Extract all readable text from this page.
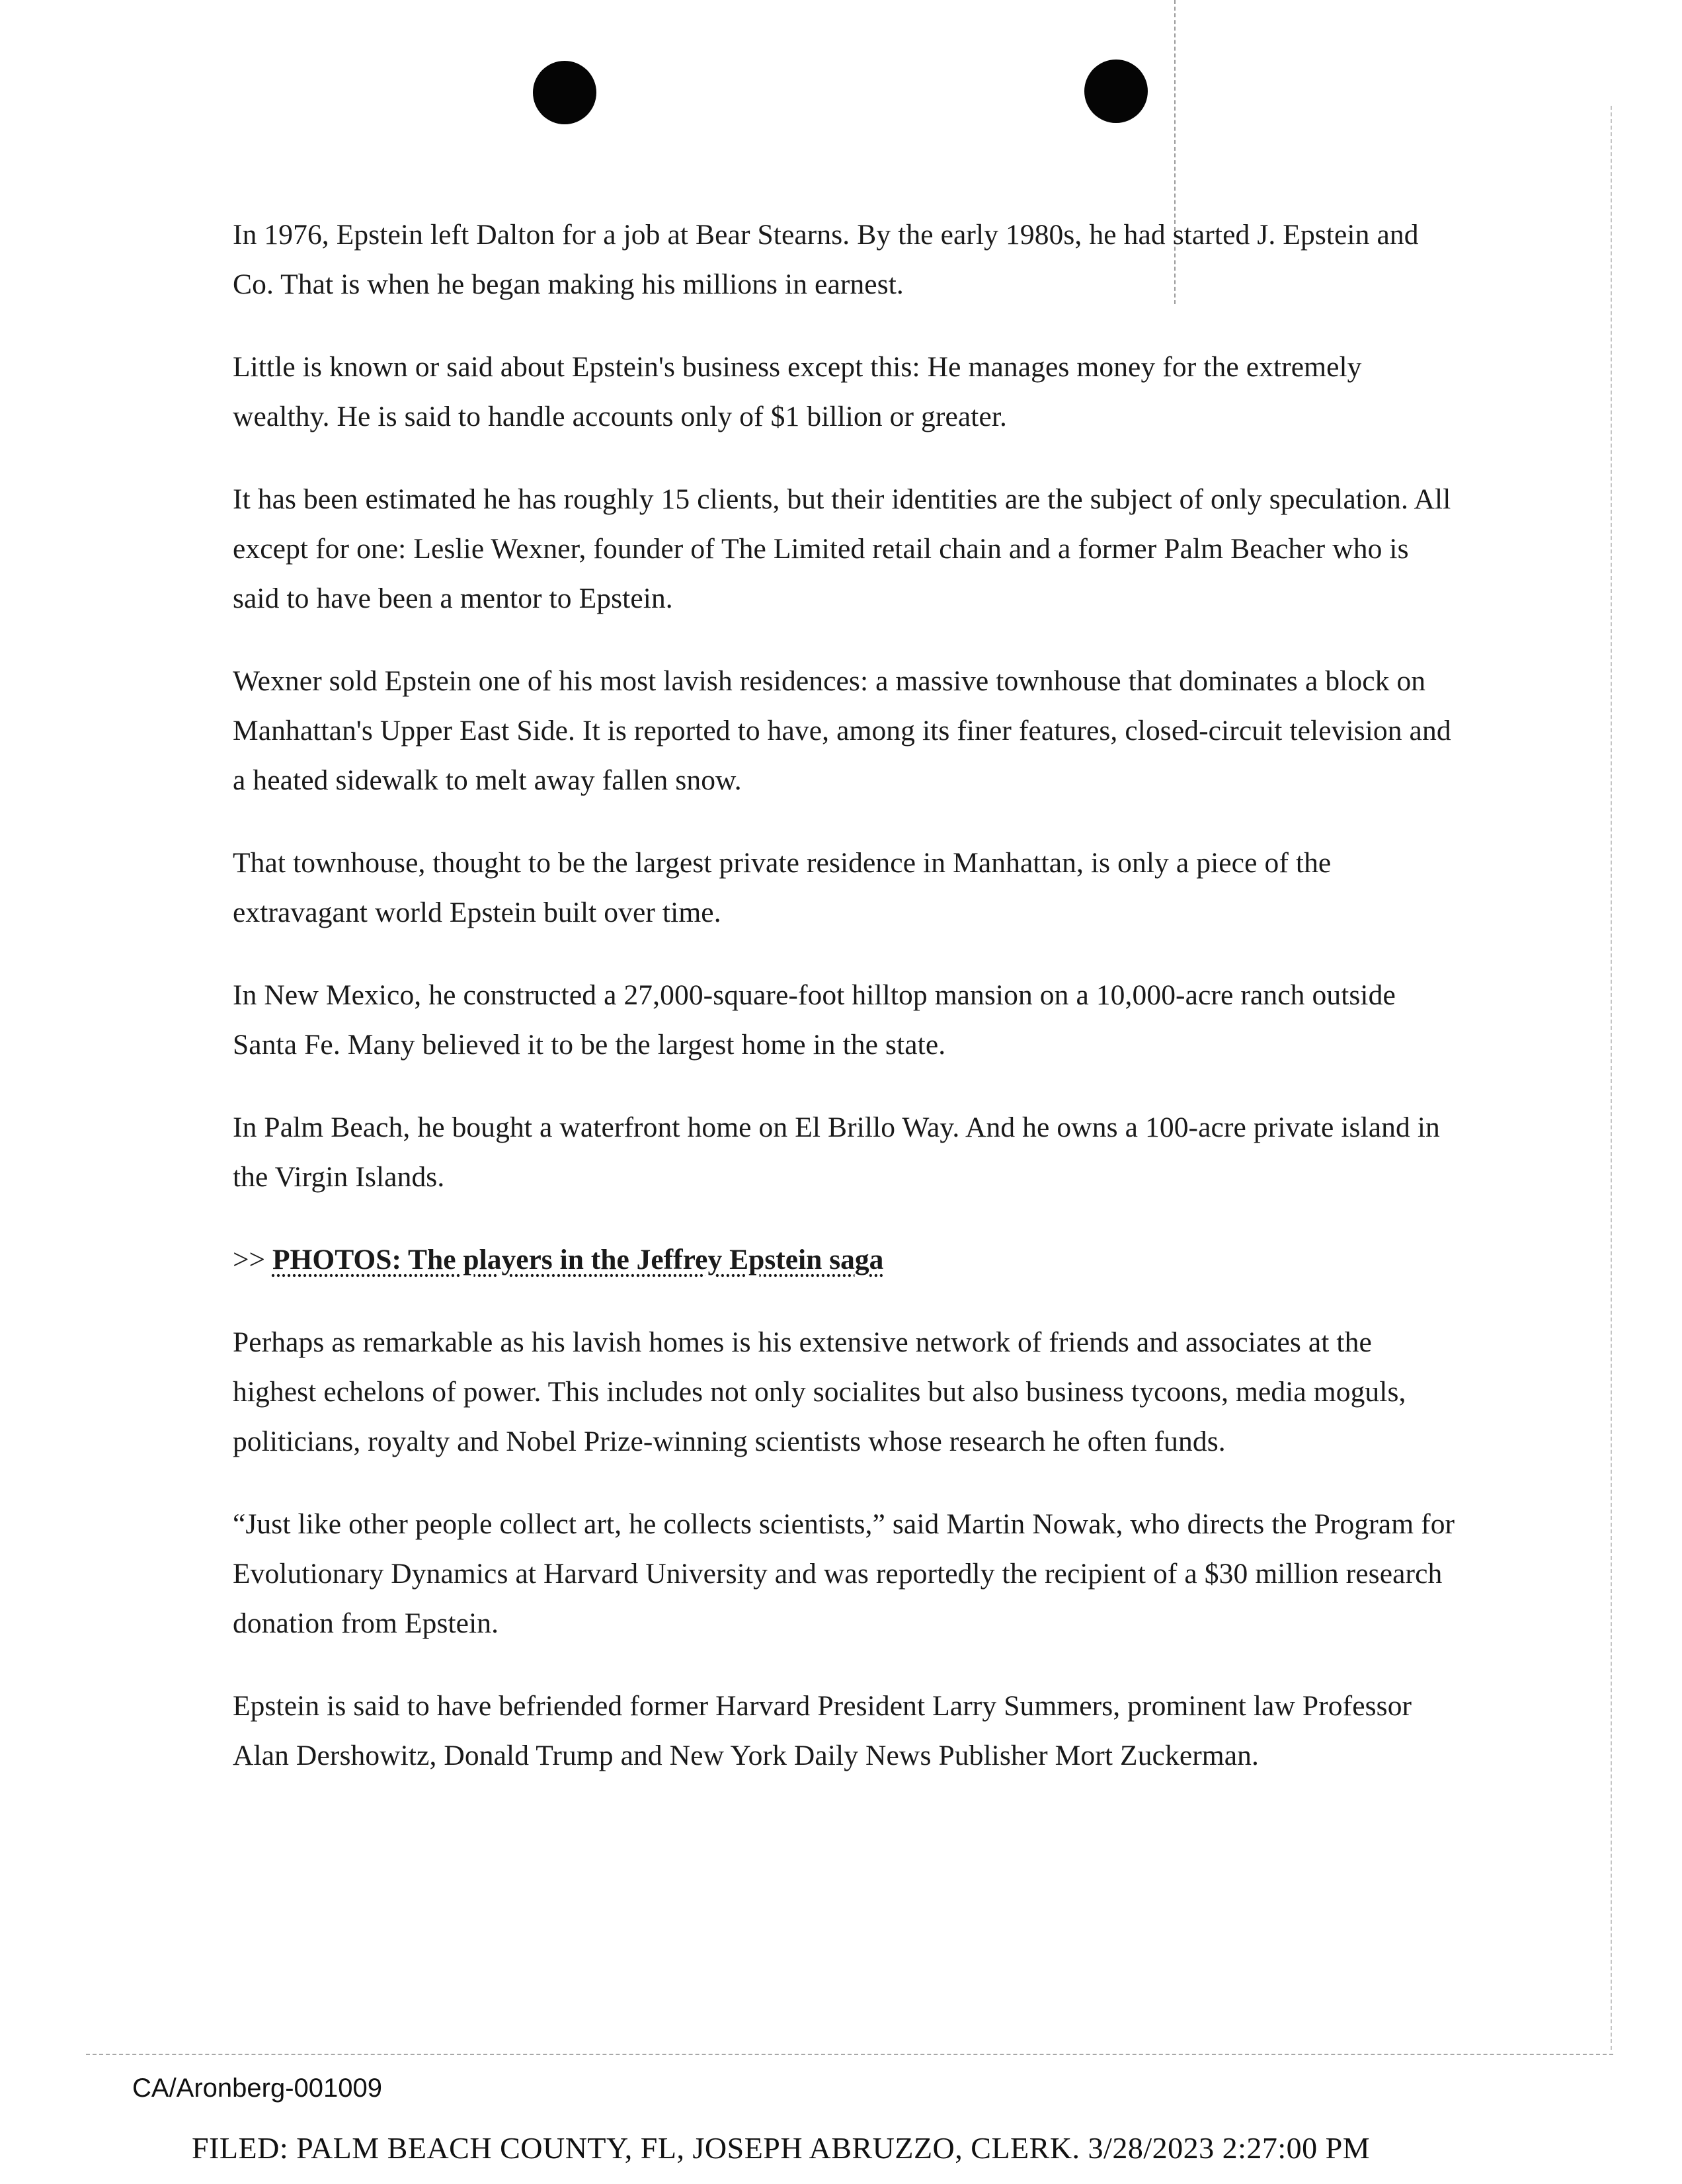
In 1976, Epstein left Dalton for a job at Bear Stearns. By the early 1980s, he had started J. Epstein and Co. That is when he began making his millions in earnest.

Little is known or said about Epstein's business except this: He manages money for the extremely wealthy. He is said to handle accounts only of $1 billion or greater.

It has been estimated he has roughly 15 clients, but their identities are the subject of only speculation. All except for one: Leslie Wexner, founder of The Limited retail chain and a former Palm Beacher who is said to have been a mentor to Epstein.

Wexner sold Epstein one of his most lavish residences: a massive townhouse that dominates a block on Manhattan's Upper East Side. It is reported to have, among its finer features, closed-circuit television and a heated sidewalk to melt away fallen snow.

That townhouse, thought to be the largest private residence in Manhattan, is only a piece of the extravagant world Epstein built over time.

In New Mexico, he constructed a 27,000-square-foot hilltop mansion on a 10,000-acre ranch outside Santa Fe. Many believed it to be the largest home in the state.

In Palm Beach, he bought a waterfront home on El Brillo Way. And he owns a 100-acre private island in the Virgin Islands.

>> PHOTOS: The players in the Jeffrey Epstein saga

Perhaps as remarkable as his lavish homes is his extensive network of friends and associates at the highest echelons of power. This includes not only socialites but also business tycoons, media moguls, politicians, royalty and Nobel Prize-winning scientists whose research he often funds.

“Just like other people collect art, he collects scientists,” said Martin Nowak, who directs the Program for Evolutionary Dynamics at Harvard University and was reportedly the recipient of a $30 million research donation from Epstein.

Epstein is said to have befriended former Harvard President Larry Summers, prominent law Professor Alan Dershowitz, Donald Trump and New York Daily News Publisher Mort Zuckerman.

CA/Aronberg-001009
FILED: PALM BEACH COUNTY, FL, JOSEPH ABRUZZO, CLERK. 3/28/2023 2:27:00 PM
